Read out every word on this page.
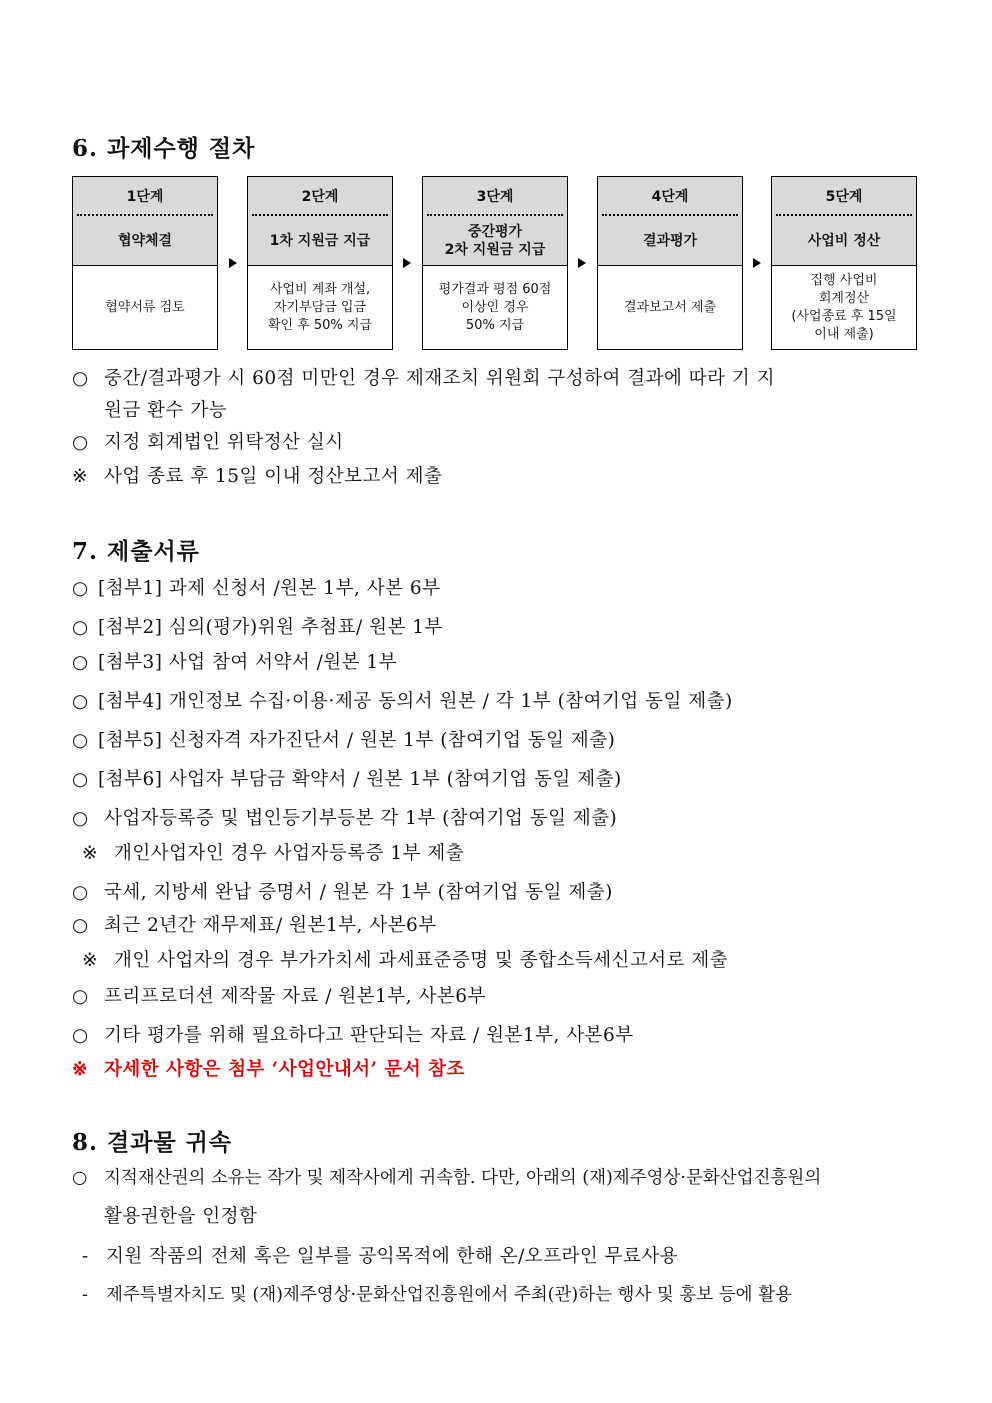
6. 과제수행 절차
1단계
협약체결
협약서류 검토
2단계
1차 지원금 지급
사업비 계좌 개설,
자기부담금 입금
확인 후 50% 지급
3단계
중간평가
2차 지원금 지급
평가결과 평점 60점
이상인 경우
50% 지급
4단계
결과평가
결과보고서 제출
5단계
사업비 정산
집행 사업비
회계정산
(사업종료 후 15일
이내 제출)
○ 중간/결과평가 시 60점 미만인 경우 제재조치 위원회 구성하여 결과에 따라 기 지
원금 환수 가능
○ 지정 회계법인 위탁정산 실시
※ 사업 종료 후 15일 이내 정산보고서 제출
7. 제출서류
○ [첨부1] 과제 신청서 /원본 1부, 사본 6부
○ [첨부2] 심의(평가)위원 추첨표/ 원본 1부
○ [첨부3] 사업 참여 서약서 /원본 1부
○ [첨부4] 개인정보 수집·이용·제공 동의서 원본 / 각 1부 (참여기업 동일 제출)
○ [첨부5] 신청자격 자가진단서 / 원본 1부 (참여기업 동일 제출)
○ [첨부6] 사업자 부담금 확약서 / 원본 1부 (참여기업 동일 제출)
○ 사업자등록증 및 법인등기부등본 각 1부 (참여기업 동일 제출)
※ 개인사업자인 경우 사업자등록증 1부 제출
○ 국세, 지방세 완납 증명서 / 원본 각 1부 (참여기업 동일 제출)
○ 최근 2년간 재무제표/ 원본1부, 사본6부
※ 개인 사업자의 경우 부가가치세 과세표준증명 및 종합소득세신고서로 제출
○ 프리프로더션 제작물 자료 / 원본1부, 사본6부
○ 기타 평가를 위해 필요하다고 판단되는 자료 / 원본1부, 사본6부
※ 자세한 사항은 첨부 ‘사업안내서’ 문서 참조
8. 결과물 귀속
○ 지적재산권의 소유는 작가 및 제작사에게 귀속함. 다만, 아래의 (재)제주영상·문화산업진흥원의
활용권한을 인정함
- 지원 작품의 전체 혹은 일부를 공익목적에 한해 온/오프라인 무료사용
- 제주특별자치도 및 (재)제주영상·문화산업진흥원에서 주최(관)하는 행사 및 홍보 등에 활용
